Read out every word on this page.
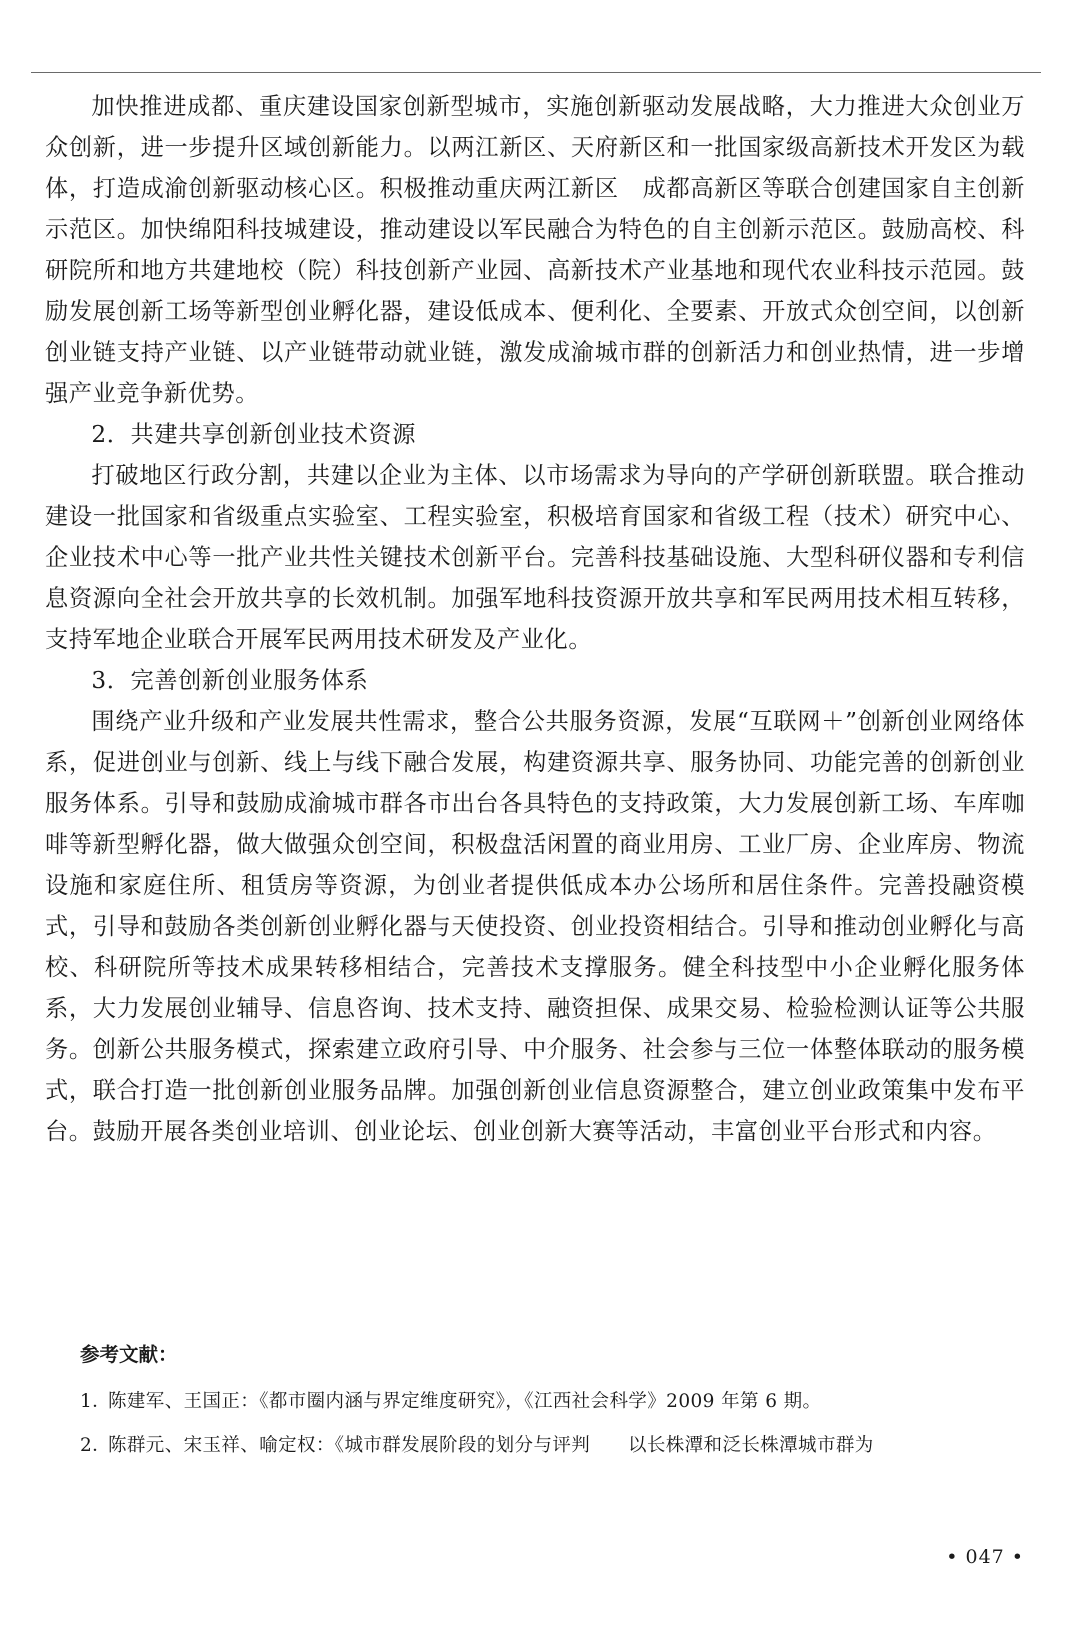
加快推进成都、重庆建设国家创新型城市，实施创新驱动发展战略，大力推进大众创业万众创新，进一步提升区域创新能力。以两江新区、天府新区和一批国家级高新技术开发区为载体，打造成渝创新驱动核心区。积极推动重庆两江新区　成都高新区等联合创建国家自主创新示范区。加快绵阳科技城建设，推动建设以军民融合为特色的自主创新示范区。鼓励高校、科研院所和地方共建地校（院）科技创新产业园、高新技术产业基地和现代农业科技示范园。鼓励发展创新工场等新型创业孵化器，建设低成本、便利化、全要素、开放式众创空间，以创新创业链支持产业链、以产业链带动就业链，激发成渝城市群的创新活力和创业热情，进一步增强产业竞争新优势。

2．共建共享创新创业技术资源

打破地区行政分割，共建以企业为主体、以市场需求为导向的产学研创新联盟。联合推动建设一批国家和省级重点实验室、工程实验室，积极培育国家和省级工程（技术）研究中心、企业技术中心等一批产业共性关键技术创新平台。完善科技基础设施、大型科研仪器和专利信息资源向全社会开放共享的长效机制。加强军地科技资源开放共享和军民两用技术相互转移，支持军地企业联合开展军民两用技术研发及产业化。

3．完善创新创业服务体系

围绕产业升级和产业发展共性需求，整合公共服务资源，发展“互联网＋”创新创业网络体系，促进创业与创新、线上与线下融合发展，构建资源共享、服务协同、功能完善的创新创业服务体系。引导和鼓励成渝城市群各市出台各具特色的支持政策，大力发展创新工场、车库咖啡等新型孵化器，做大做强众创空间，积极盘活闲置的商业用房、工业厂房、企业库房、物流设施和家庭住所、租赁房等资源，为创业者提供低成本办公场所和居住条件。完善投融资模式，引导和鼓励各类创新创业孵化器与天使投资、创业投资相结合。引导和推动创业孵化与高校、科研院所等技术成果转移相结合，完善技术支撑服务。健全科技型中小企业孵化服务体系，大力发展创业辅导、信息咨询、技术支持、融资担保、成果交易、检验检测认证等公共服务。创新公共服务模式，探索建立政府引导、中介服务、社会参与三位一体整体联动的服务模式，联合打造一批创新创业服务品牌。加强创新创业信息资源整合，建立创业政策集中发布平台。鼓励开展各类创业培训、创业论坛、创业创新大赛等活动，丰富创业平台形式和内容。

参考文献：

1．陈建军、王国正：《都市圈内涵与界定维度研究》，《江西社会科学》2009 年第 6 期。
2．陈群元、宋玉祥、喻定权：《城市群发展阶段的划分与评判　　以长株潭和泛长株潭城市群为
• 047 •
